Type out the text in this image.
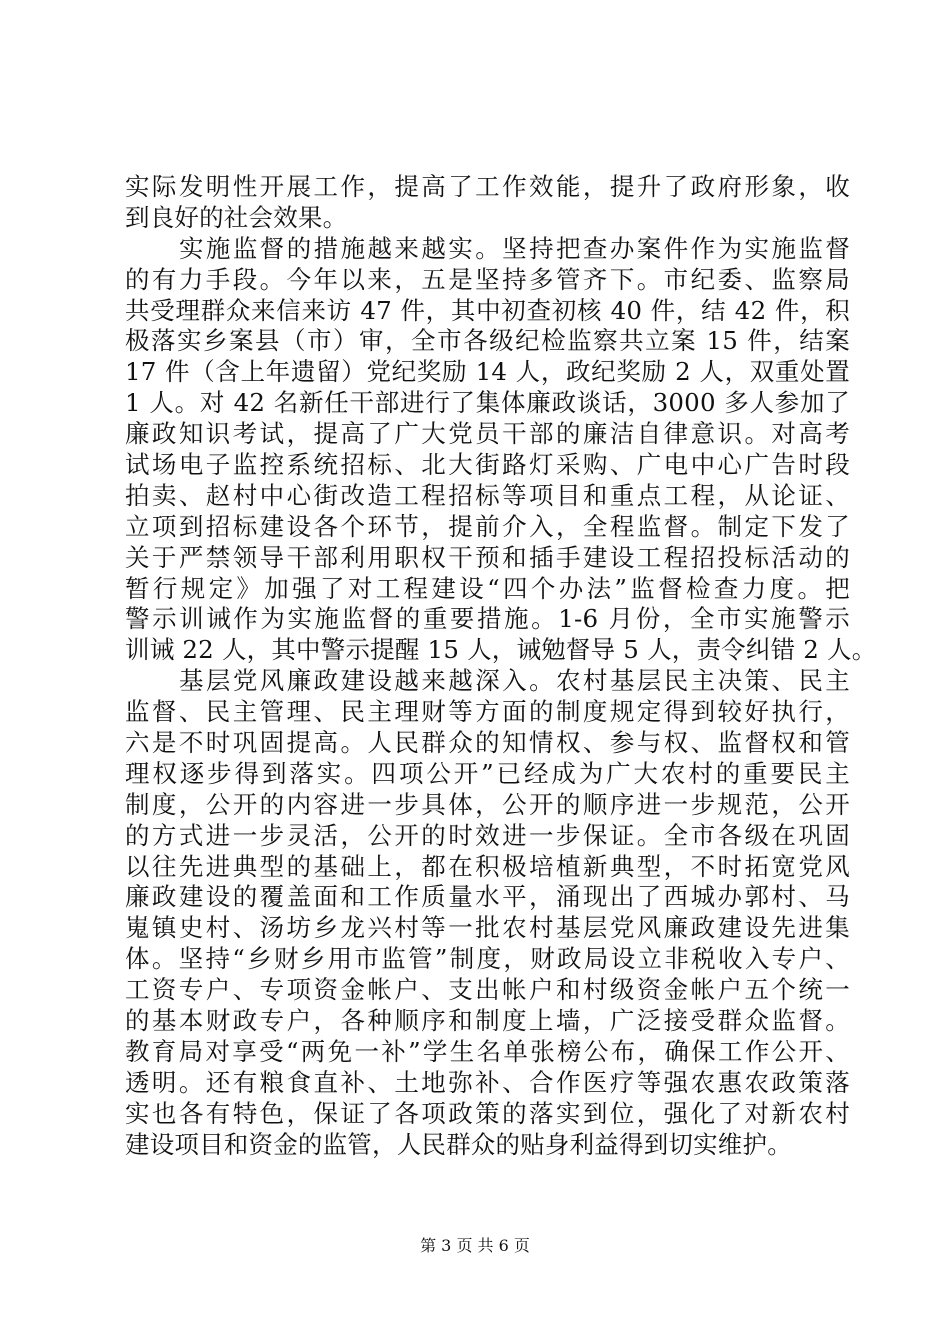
实际发明性开展工作，提高了工作效能，提升了政府形象，收
到良好的社会效果。
实施监督的措施越来越实。坚持把查办案件作为实施监督
的有力手段。今年以来，五是坚持多管齐下。市纪委、监察局
共受理群众来信来访 47 件，其中初查初核 40 件，结 42 件，积
极落实乡案县（市）审，全市各级纪检监察共立案 15 件，结案
17 件（含上年遗留）党纪奖励 14 人，政纪奖励 2 人，双重处置
1 人。对 42 名新任干部进行了集体廉政谈话，3000 多人参加了
廉政知识考试，提高了广大党员干部的廉洁自律意识。对高考
试场电子监控系统招标、北大街路灯采购、广电中心广告时段
拍卖、赵村中心街改造工程招标等项目和重点工程，从论证、
立项到招标建设各个环节，提前介入，全程监督。制定下发了
关于严禁领导干部利用职权干预和插手建设工程招投标活动的
暂行规定》加强了对工程建设“四个办法”监督检查力度。把
警示训诫作为实施监督的重要措施。1-6 月份，全市实施警示
训诫 22 人，其中警示提醒 15 人，诫勉督导 5 人，责令纠错 2 人。
基层党风廉政建设越来越深入。农村基层民主决策、民主
监督、民主管理、民主理财等方面的制度规定得到较好执行，
六是不时巩固提高。人民群众的知情权、参与权、监督权和管
理权逐步得到落实。四项公开”已经成为广大农村的重要民主
制度，公开的内容进一步具体，公开的顺序进一步规范，公开
的方式进一步灵活，公开的时效进一步保证。全市各级在巩固
以往先进典型的基础上，都在积极培植新典型，不时拓宽党风
廉政建设的覆盖面和工作质量水平，涌现出了西城办郭村、马
嵬镇史村、汤坊乡龙兴村等一批农村基层党风廉政建设先进集
体。坚持“乡财乡用市监管”制度，财政局设立非税收入专户、
工资专户、专项资金帐户、支出帐户和村级资金帐户五个统一
的基本财政专户，各种顺序和制度上墙，广泛接受群众监督。
教育局对享受“两免一补”学生名单张榜公布，确保工作公开、
透明。还有粮食直补、土地弥补、合作医疗等强农惠农政策落
实也各有特色，保证了各项政策的落实到位，强化了对新农村
建设项目和资金的监管，人民群众的贴身利益得到切实维护。
第 3 页 共 6 页
